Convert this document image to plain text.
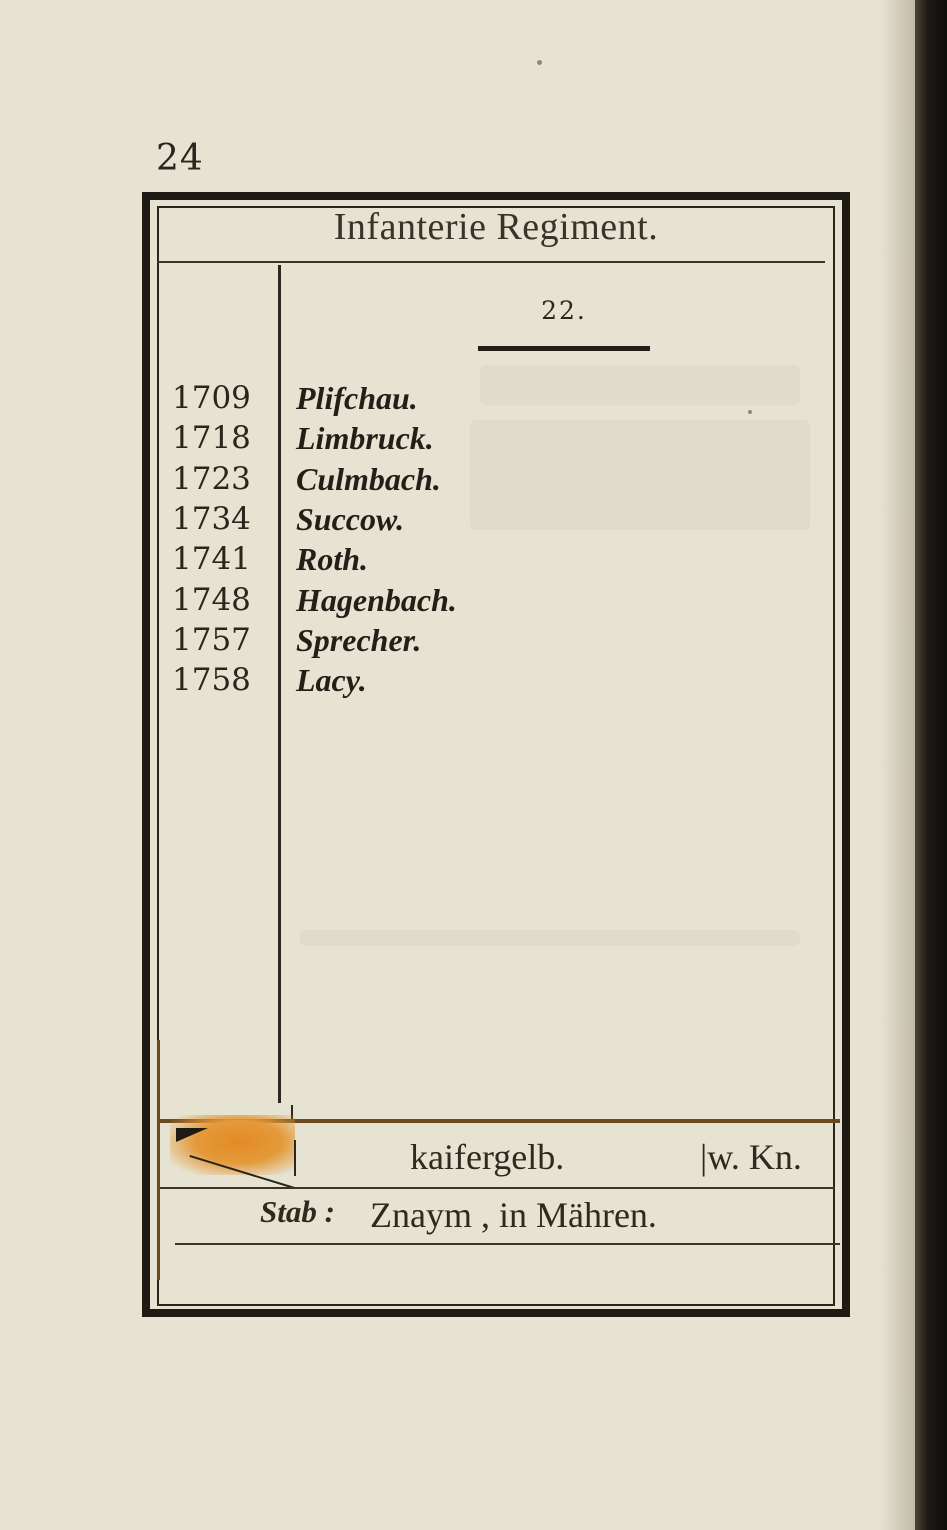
24
Infanterie Regiment.
22.
1709 Plifchau.
1718 Limbruck.
1723 Culmbach.
1734 Succow.
1741 Roth.
1748 Hagenbach.
1757 Sprecher.
1758 Lacy.
kaifergelb.	|w. Kn.
Stab : Znaym , in Mähren.
